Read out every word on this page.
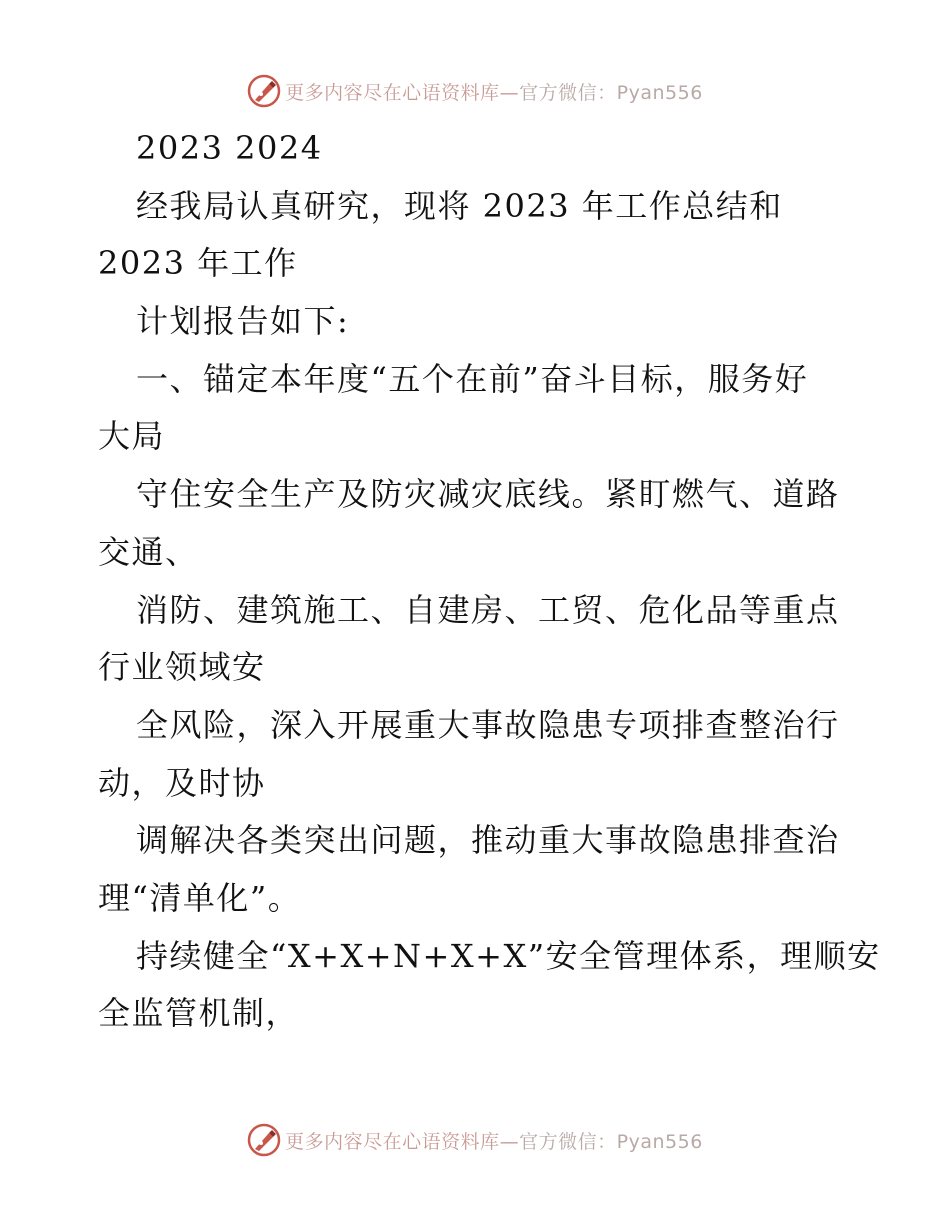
更多内容尽在心语资料库—官方微信：Pyan556
2023 2024
经我局认真研究，现将 2023 年工作总结和
2023 年工作
计划报告如下:
一、锚定本年度“五个在前”奋斗目标，服务好
大局
守住安全生产及防灾减灾底线。紧盯燃气、道路
交通、
消防、建筑施工、自建房、工贸、危化品等重点
行业领域安
全风险，深入开展重大事故隐患专项排查整治行
动，及时协
调解决各类突出问题，推动重大事故隐患排查治
理“清单化”。
持续健全“X+X+N+X+X”安全管理体系，理顺安
全监管机制，
更多内容尽在心语资料库—官方微信：Pyan556
